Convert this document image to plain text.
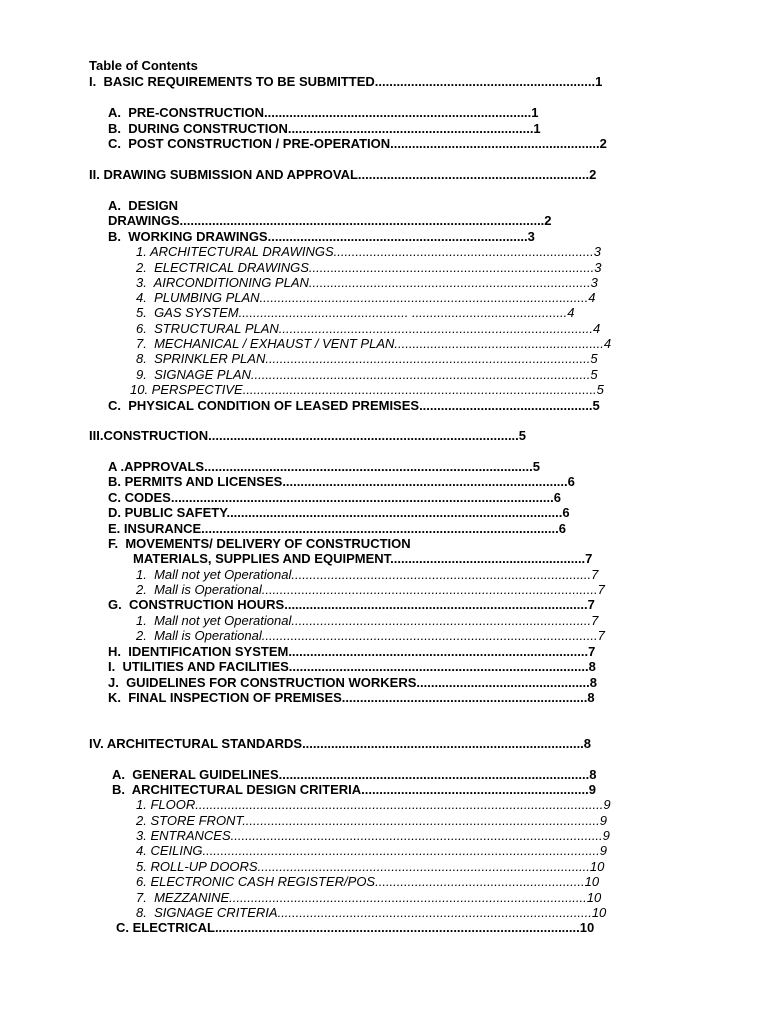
Table of Contents
I.  BASIC REQUIREMENTS TO BE SUBMITTED.............................................................1
A.  PRE-CONSTRUCTION..........................................................................1
B.  DURING CONSTRUCTION....................................................................1
C.  POST CONSTRUCTION / PRE-OPERATION..........................................................2
II. DRAWING SUBMISSION AND APPROVAL................................................................2
A.  DESIGN
DRAWINGS.....................................................................................................2
B.  WORKING DRAWINGS........................................................................3
1. ARCHITECTURAL DRAWINGS........................................................................3
2.  ELECTRICAL DRAWINGS...............................................................................3
3.  AIRCONDITIONING PLAN..............................................................................3
4.  PLUMBING PLAN...........................................................................................4
5.  GAS SYSTEM............................................... ...........................................4
6.  STRUCTURAL PLAN.......................................................................................4
7.  MECHANICAL / EXHAUST / VENT PLAN..........................................................4
8.  SPRINKLER PLAN..........................................................................................5
9.  SIGNAGE PLAN..............................................................................................5
10. PERSPECTIVE..................................................................................................5
C.  PHYSICAL CONDITION OF LEASED PREMISES................................................5
III.CONSTRUCTION......................................................................................5
A .APPROVALS...........................................................................................5
B. PERMITS AND LICENSES...............................................................................6
C. CODES..........................................................................................................6
D. PUBLIC SAFETY.............................................................................................6
E. INSURANCE...................................................................................................6
F.  MOVEMENTS/ DELIVERY OF CONSTRUCTION
MATERIALS, SUPPLIES AND EQUIPMENT......................................................7
1.  Mall not yet Operational...................................................................................7
2.  Mall is Operational.............................................................................................7
G.  CONSTRUCTION HOURS....................................................................................7
1.  Mall not yet Operational...................................................................................7
2.  Mall is Operational.............................................................................................7
H.  IDENTIFICATION SYSTEM...................................................................................7
I.  UTILITIES AND FACILITIES...................................................................................8
J.  GUIDELINES FOR CONSTRUCTION WORKERS................................................8
K.  FINAL INSPECTION OF PREMISES....................................................................8
IV. ARCHITECTURAL STANDARDS..............................................................................8
A.  GENERAL GUIDELINES......................................................................................8
B.  ARCHITECTURAL DESIGN CRITERIA...............................................................9
1. FLOOR.................................................................................................................9
2. STORE FRONT...................................................................................................9
3. ENTRANCES.......................................................................................................9
4. CEILING..............................................................................................................9
5. ROLL-UP DOORS............................................................................................10
6. ELECTRONIC CASH REGISTER/POS..........................................................10
7.  MEZZANINE...................................................................................................10
8.  SIGNAGE CRITERIA.......................................................................................10
C. ELECTRICAL.....................................................................................................10
